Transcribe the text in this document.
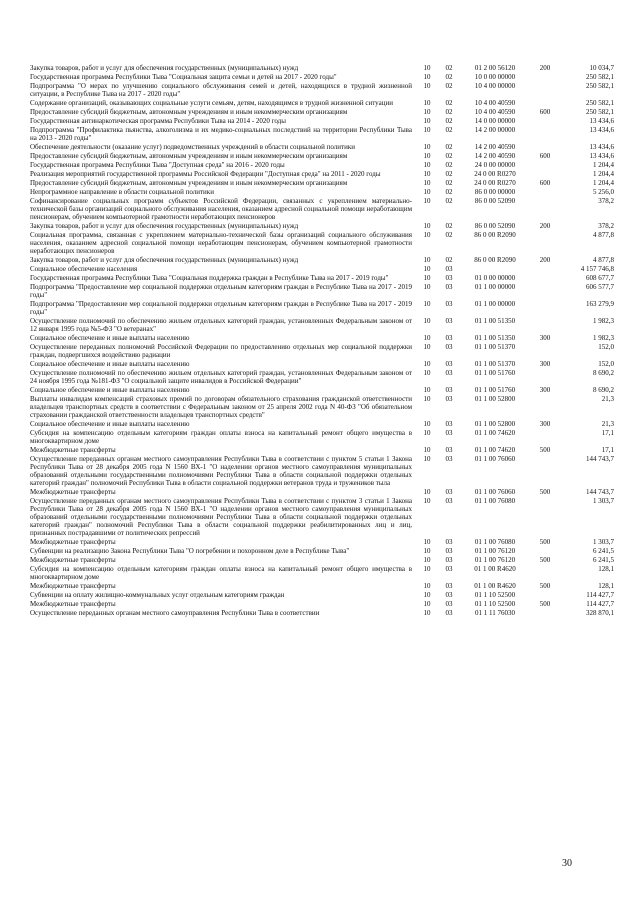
Закупка товаров, работ и услуг для обеспечения государственных (муниципальных) нужд	10	02	01 2 00 56120	200	10 034,7
Государственная программа Республики Тыва "Социальная защита семьи и детей на 2017 - 2020 годы"	10	02	10 0 00 00000	250 582,1
Подпрограмма "О мерах по улучшению социального обслуживания семей и детей, находящихся в трудной жизненной ситуации, в Республике Тыва на 2017 - 2020 годы"
10	02	10 4 00 00000	250 582,1
Содержание организаций, оказывающих социальные услуги семьям, детям, находящимся в трудной жизненной ситуации	10	02	10 4 00 40590	250 582,1
Предоставление субсидий бюджетным, автономным учреждениям и иным некоммерческим организациям	10	02	10 4 00 40590	600	250 582,1
Государственная антинаркотическая программа Республики Тыва на 2014 - 2020 годы	10	02	14 0 00 00000	13 434,6
Подпрограмма "Профилактика пьянства, алкоголизма и их медико-социальных последствий на территории Республики Тыва на 2013 - 2020 годы"
10	02	14 2 00 00000	13 434,6
Обеспечение деятельности (оказание услуг) подведомственных учреждений в области социальной политики	10	02	14 2 00 40590	13 434,6
Предоставление субсидий бюджетным, автономным учреждениям и иным некоммерческим организациям	10	02	14 2 00 40590	600	13 434,6
Государственная программа Республики Тыва "Доступная среда" на 2016 - 2020 годы	10	02	24 0 00 00000	1 204,4
Реализация мероприятий государственной программы Российской Федерации "Доступная среда" на 2011 - 2020 годы	10	02	24 0 00 R0270	1 204,4
Предоставление субсидий бюджетным, автономным учреждениям и иным некоммерческим организациям	10	02	24 0 00 R0270	600	1 204,4
Непрограммное направление в области социальной политики	10	02	86 0 00 00000	5 256,0
Софинансирование социальных программ субъектов Российской Федерации, связанных с укреплением материально-технической базы организаций социального обслуживания населения, оказанием адресной социальной помощи неработающим пенсионерам, обучением компьютерной грамотности неработающих пенсионеров
10	02	86 0 00 52090	378,2
Закупка товаров, работ и услуг для обеспечения государственных (муниципальных) нужд	10	02	86 0 00 52090	200	378,2
Социальная программа, связанная с укреплением материально-технической базы организаций социального обслуживания населения, оказанием адресной социальной помощи неработающим пенсионерам, обучением компьютерной грамотности неработающих пенсионеров
10	02	86 0 00 R2090	4 877,8
Закупка товаров, работ и услуг для обеспечения государственных (муниципальных) нужд	10	02	86 0 00 R2090	200	4 877,8
Социальное обеспечение населения	10	03	4 157 746,8
Государственная программа Республики Тыва "Социальная поддержка граждан в Республике Тыва на 2017 - 2019 годы"	10	03	01 0 00 00000	608 677,7
Подпрограмма "Предоставление мер социальной поддержки отдельным категориям граждан в Республике Тыва на 2017 - 2019 годы"
10	03	01 1 00 00000	606 577,7
Подпрограмма "Предоставление мер социальной поддержки отдельным категориям граждан в Республике Тыва на 2017 - 2019 годы"
10	03	01 1 00 00000	163 279,9
Осуществление полномочий по обеспечению жильем отдельных категорий граждан, установленных Федеральным законом от 12 января 1995 года №5-ФЗ "О ветеранах"
10	03	01 1 00 51350	1 982,3
Социальное обеспечение и иные выплаты населению	10	03	01 1 00 51350	300	1 982,3
Осуществление переданных полномочий Российской Федерации по предоставлению отдельных мер социальной поддержки граждан, подвергшихся воздействию радиации
10	03	01 1 00 51370	152,0
Социальное обеспечение и иные выплаты населению	10	03	01 1 00 51370	300	152,0
Осуществление полномочий по обеспечению жильем отдельных категорий граждан, установленных Федеральным законом от 24 ноября 1995 года №181-ФЗ "О социальной защите инвалидов в Российской Федерации"
10	03	01 1 00 51760	8 690,2
Социальное обеспечение и иные выплаты населению	10	03	01 1 00 51760	300	8 690,2
Выплаты инвалидам компенсаций страховых премий по договорам обязательного страхования гражданской ответственности владельцев транспортных средств в соответствии с Федеральным законом от 25 апреля 2002 года N 40-ФЗ "Об обязательном страховании гражданской ответственности владельцев транспортных средств"
10	03	01 1 00 52800	21,3
Социальное обеспечение и иные выплаты населению	10	03	01 1 00 52800	300	21,3
Субсидия на компенсацию отдельным категориям граждан оплаты взноса на капитальный ремонт общего имущества в многоквартирном доме
10	03	01 1 00 74620	17,1
Межбюджетные трансферты	10	03	01 1 00 74620	500	17,1
Осуществление переданных органам местного самоуправления Республики Тыва в соответствии с пунктом 5 статьи 1 Закона Республики Тыва от 28 декабря 2005 года N 1560 ВХ-1 "О наделении органов местного самоуправления муниципальных образований отдельными государственными полномочиями Республики Тыва в области социальной поддержки отдельных категорий граждан" полномочий Республики Тыва в области социальной поддержки ветеранов труда и тружеников тыла
10	03	01 1 00 76060	144 743,7
Межбюджетные трансферты	10	03	01 1 00 76060	500	144 743,7
Осуществление переданных органам местного самоуправления Республики Тыва в соответствии с пунктом 3 статьи 1 Закона Республики Тыва от 28 декабря 2005 года N 1560 ВХ-1 "О наделении органов местного самоуправления муниципальных образований отдельными государственными полномочиями Республики Тыва в области социальной поддержки отдельных категорий граждан" полномочий Республики Тыва в области социальной поддержки реабилитированных лиц и лиц, признанных пострадавшими от политических репрессий
10	03	01 1 00 76080	1 303,7
Межбюджетные трансферты	10	03	01 1 00 76080	500	1 303,7
Субвенции на реализацию Закона Республики Тыва "О погребении и похоронном деле в Республике Тыва"	10	03	01 1 00 76120	6 241,5
Межбюджетные трансферты	10	03	01 1 00 76120	500	6 241,5
Субсидия на компенсацию отдельным категориям граждан оплаты взноса на капитальный ремонт общего имущества в многоквартирном доме
10	03	01 1 00 R4620	128,1
Межбюджетные трансферты	10	03	01 1 00 R4620	500	128,1
Субвенции на оплату жилищно-коммунальных услуг отдельным категориям граждан	10	03	01 1 10 52500	114 427,7
Межбюджетные трансферты	10	03	01 1 10 52500	500	114 427,7
Осуществление переданных органам местного самоуправления Республики Тыва в соответствии	10	03	01 1 11 76030	328 870,1
30
